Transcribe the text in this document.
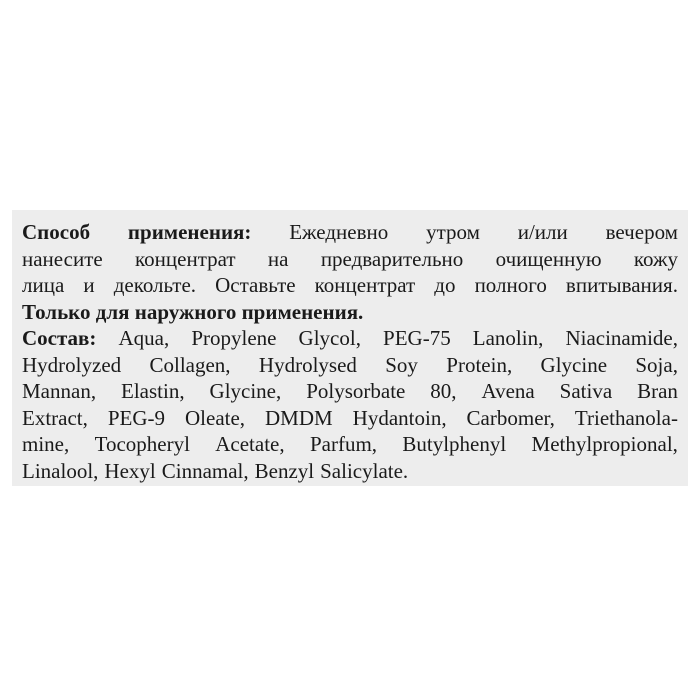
Способ применения: Ежедневно утром и/или вечером
нанесите концентрат на предварительно очищенную кожу
лица и декольте. Оставьте концентрат до полного впитывания.
Только для наружного применения.
Состав: Aqua, Propylene Glycol, PEG-75 Lanolin, Niacinamide,
Hydrolyzed Collagen, Hydrolysed Soy Protein, Glycine Soja,
Mannan, Elastin, Glycine, Polysorbate 80, Avena Sativa Bran
Extract, PEG-9 Oleate, DMDM Hydantoin, Carbomer, Triethanola-
mine, Tocopheryl Acetate, Parfum, Butylphenyl Methylpropional,
Linalool, Hexyl Cinnamal, Benzyl Salicylate.
